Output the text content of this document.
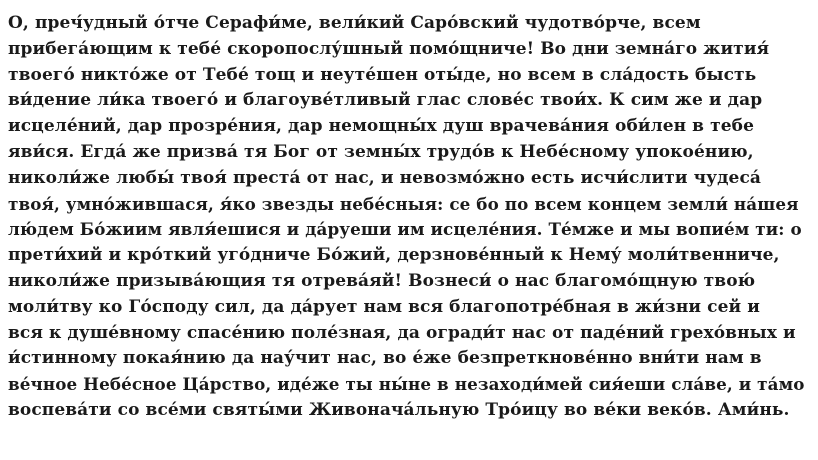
О, преч́удный о́тче Серафи́ме, вели́кий Саро́вский чудотво́рче, всем
прибега́ющим к тебе́ скоропослу́шный помо́щниче! Во дни земна́го жития́
твоего́ никто́же от Тебе́ тощ и неуте́шен оты́де, но всем в сла́дость бысть
ви́дение ли́ка твоего́ и благоуве́тливый глас слове́с твои́х. К сим же и дар
исцеле́ний, дар прозре́ния, дар немощны́х душ врачева́ния оби́лен в тебе
яви́ся. Егда́ же призва́ тя Бог от земны́х трудо́в к Небе́сному упокое́нию,
николи́же любы́ твоя́ преста́ от нас, и невозмо́жно есть исчи́слити чудеса́
твоя́, умно́жившася, я́ко звезды небе́сныя: се бо по всем концем земли́ на́шея
лю́дем Бо́жиим явля́ешися и да́руеши им исцеле́ния. Те́мже и мы вопие́м ти: о
прети́хий и кро́ткий уго́дниче Бо́жий, дерзнове́нный к Нему́ моли́твенниче,
николи́же призыва́ющия тя отрева́яй! Вознеси́ о нас благомо́щную твою́
моли́тву ко Го́споду сил, да да́рует нам вся благопотре́бная в жи́зни сей и
вся к душе́вному спасе́нию поле́зная, да огради́т нас от паде́ний грехо́вных и
и́стинному покая́нию да нау́чит нас, во е́же безпреткнове́нно вни́ти нам в
ве́чное Небе́сное Ца́рство, иде́же ты ны́не в незаходи́мей сия́еши сла́ве, и та́мо
воспева́ти со все́ми святы́ми Живонача́льную Тро́ицу во ве́ки веко́в. Ами́нь.
